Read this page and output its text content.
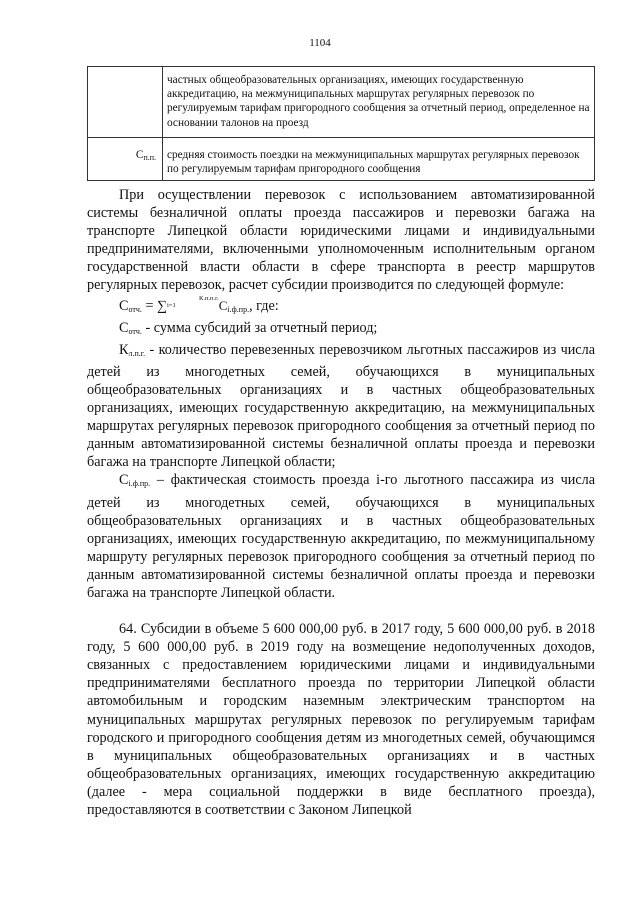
1104
	частных общеобразовательных организациях, имеющих государственную аккредитацию, на межмуниципальных маршрутах регулярных перевозок по регулируемым тарифам пригородного сообщения за отчетный период, определенное на основании талонов на проезд
$С_{п.п.}$	средняя стоимость поездки на межмуниципальных маршрутах регулярных перевозок по регулируемым тарифам пригородного сообщения

При осуществлении перевозок с использованием автоматизированной системы безналичной оплаты проезда пассажиров и перевозки багажа на транспорте Липецкой области юридическими лицами и индивидуальными предпринимателями, включенными уполномоченным исполнительным органом государственной власти области в сфере транспорта в реестр маршрутов регулярных перевозок, расчет субсидии производится по следующей формуле:

$С_{отч.} = \sum К.п.п.г$.
i=1	$C_{i.ф.пр.}$, где:

$С_{отч.}$ - сумма субсидий за отчетный период;

$К_{л.п.г.}$ - количество перевезенных перевозчиком льготных пассажиров из числа детей из многодетных семей, обучающихся в муниципальных общеобразовательных организациях и в частных общеобразовательных организациях, имеющих государственную аккредитацию, на межмуниципальных маршрутах регулярных перевозок пригородного сообщения за отчетный период по данным автоматизированной системы безналичной оплаты проезда и перевозки багажа на транспорте Липецкой области;

$С_{i.ф.пр.}$ – фактическая стоимость проезда i-го льготного пассажира из числа детей из многодетных семей, обучающихся в муниципальных общеобразовательных организациях и в частных общеобразовательных организациях, имеющих государственную аккредитацию, по межмуниципальному маршруту регулярных перевозок пригородного сообщения за отчетный период по данным автоматизированной системы безналичной оплаты проезда и перевозки багажа на транспорте Липецкой области.

64. Субсидии в объеме 5 600 000,00 руб. в 2017 году, 5 600 000,00 руб. в 2018 году, 5 600 000,00 руб. в 2019 году на возмещение недополученных доходов, связанных с предоставлением юридическими лицами и индивидуальными предпринимателями бесплатного проезда по территории Липецкой области автомобильным и городским наземным электрическим транспортом на муниципальных маршрутах регулярных перевозок по регулируемым тарифам городского и пригородного сообщения детям из многодетных семей, обучающимся в муниципальных общеобразовательных организациях и в частных общеобразовательных организациях, имеющих государственную аккредитацию (далее - мера социальной поддержки в виде бесплатного проезда), предоставляются в соответствии с Законом Липецкой
